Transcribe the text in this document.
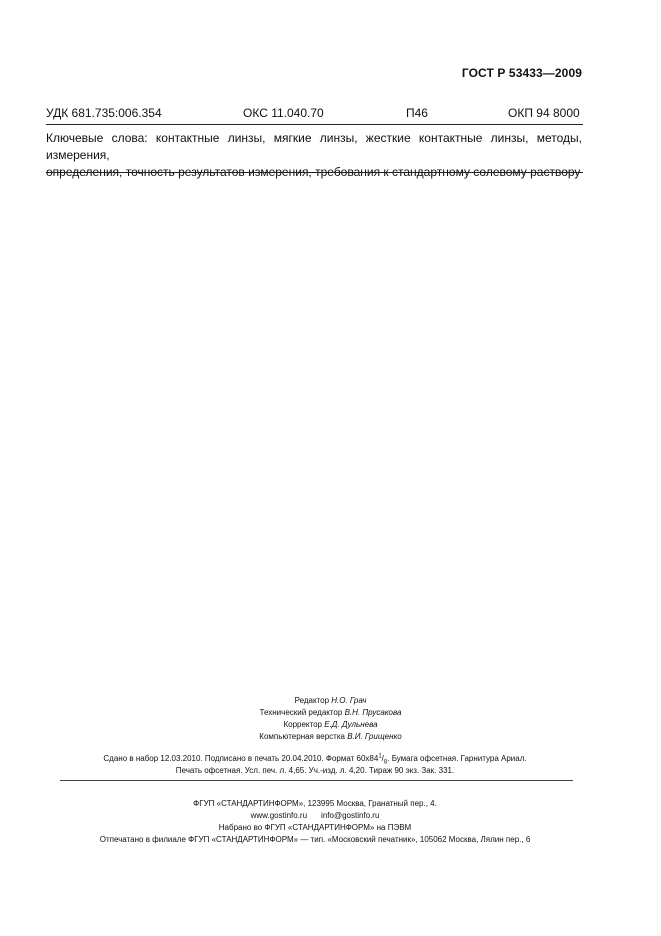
ГОСТ Р 53433—2009
УДК 681.735:006.354	ОКС 11.040.70	П46	ОКП 94 8000
Ключевые слова: контактные линзы, мягкие линзы, жесткие контактные линзы, методы, измерения,
определения, точность результатов измерения, требования к стандартному солевому раствору
Редактор Н.О. Грач
Технический редактор В.Н. Прусакова
Корректор Е.Д. Дульнева
Компьютерная верстка В.И. Грищенко
Сдано в набор 12.03.2010. Подписано в печать 20.04.2010. Формат $60x84^1/_8$. Бумага офсетная. Гарнитура Ариал.
Печать офсетная. Усл. печ. л. 4,65. Уч.-изд. л. 4,20. Тираж 90 экз. Зак. 331.
ФГУП «СТАНДАРТИНФОРМ», 123995 Москва, Гранатный пер., 4.
www.gostinfo.ru info@gostinfo.ru
Набрано во ФГУП «СТАНДАРТИНФОРМ» на ПЭВМ
Отпечатано в филиале ФГУП «СТАНДАРТИНФОРМ» — тип. «Московский печатник», 105062 Москва, Лялин пер., 6
